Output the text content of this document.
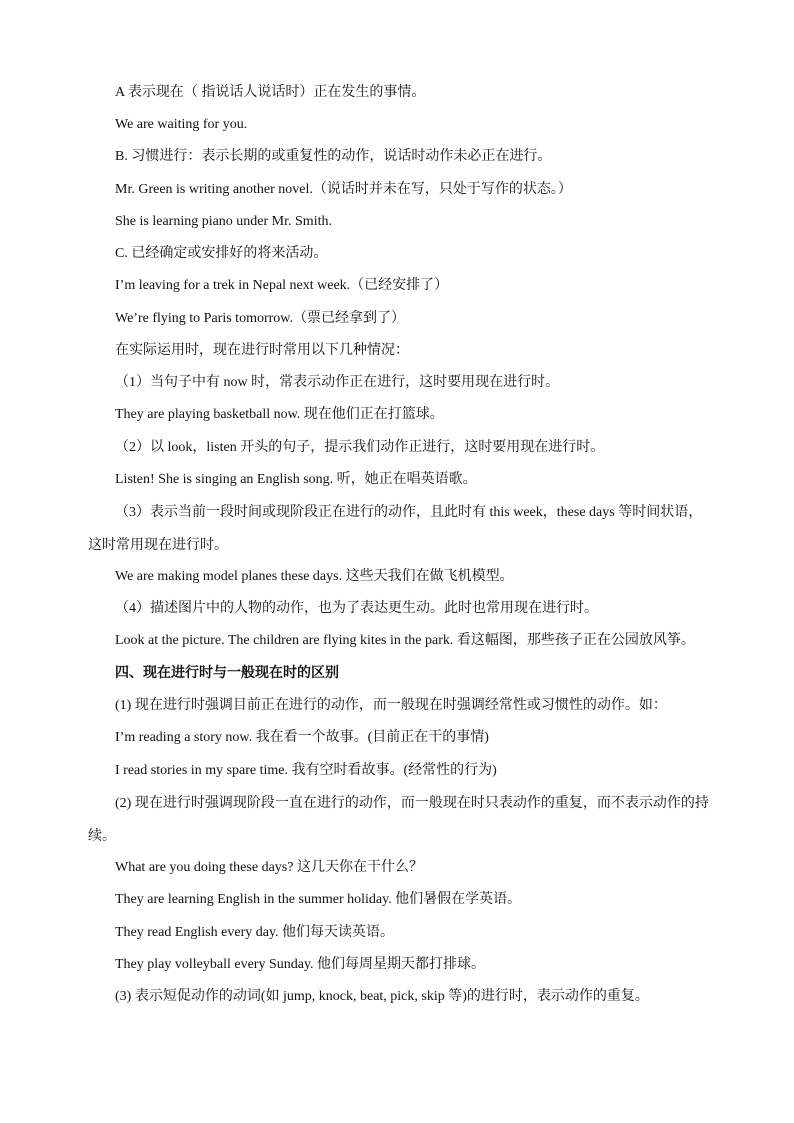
A 表示现在（ 指说话人说话时）正在发生的事情。
We are waiting for you.
B. 习惯进行：表示长期的或重复性的动作，说话时动作未必正在进行。
Mr. Green is writing another novel.（说话时并未在写，只处于写作的状态。）
She is learning piano under Mr. Smith.
C. 已经确定或安排好的将来活动。
I’m leaving for a trek in Nepal next week.（已经安排了）
We’re flying to Paris tomorrow.（票已经拿到了）
在实际运用时，现在进行时常用以下几种情况：
（1）当句子中有 now 时，常表示动作正在进行，这时要用现在进行时。
They are playing basketball now. 现在他们正在打篮球。
（2）以 look，listen 开头的句子，提示我们动作正进行，这时要用现在进行时。
Listen! She is singing an English song. 听，她正在唱英语歌。
（3）表示当前一段时间或现阶段正在进行的动作，且此时有 this week，these days 等时间状语，这时常用现在进行时。
We are making model planes these days. 这些天我们在做飞机模型。
（4）描述图片中的人物的动作，也为了表达更生动。此时也常用现在进行时。
Look at the picture. The children are flying kites in the park. 看这幅图，那些孩子正在公园放风筝。
四、现在进行时与一般现在时的区别
(1) 现在进行时强调目前正在进行的动作，而一般现在时强调经常性或习惯性的动作。如：
I’m reading a story now. 我在看一个故事。(目前正在干的事情)
I read stories in my spare time. 我有空时看故事。(经常性的行为)
(2) 现在进行时强调现阶段一直在进行的动作，而一般现在时只表动作的重复，而不表示动作的持续。
What are you doing these days? 这几天你在干什么？
They are learning English in the summer holiday. 他们暑假在学英语。
They read English every day. 他们每天读英语。
They play volleyball every Sunday. 他们每周星期天都打排球。
(3) 表示短促动作的动词(如 jump, knock, beat, pick, skip 等)的进行时，表示动作的重复。
